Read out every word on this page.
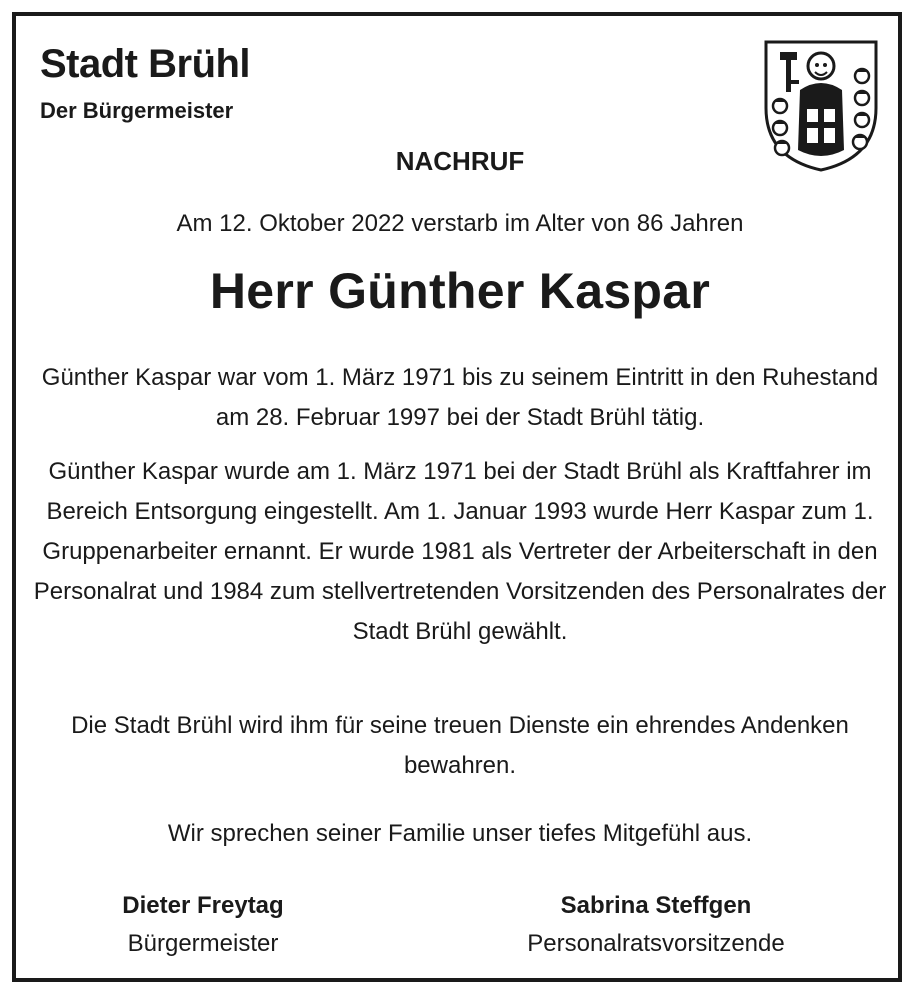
Stadt Brühl
Der Bürgermeister
NACHRUF
Am 12. Oktober 2022 verstarb im Alter von 86 Jahren
Herr Günther Kaspar

Günther Kaspar war vom 1. März 1971 bis zu seinem Eintritt in den Ruhestand am 28. Februar 1997 bei der Stadt Brühl tätig.

Günther Kaspar wurde am 1. März 1971 bei der Stadt Brühl als Kraftfahrer im Bereich Entsorgung eingestellt. Am 1. Januar 1993 wurde Herr Kaspar zum 1. Gruppenarbeiter ernannt. Er wurde 1981 als Vertreter der Arbeiterschaft in den Personalrat und 1984 zum stellvertretenden Vorsitzenden des Personalrates der Stadt Brühl gewählt.

Die Stadt Brühl wird ihm für seine treuen Dienste ein ehrendes Andenken bewahren.

Wir sprechen seiner Familie unser tiefes Mitgefühl aus.

Dieter Freytag
Bürgermeister
Sabrina Steffgen
Personalratsvorsitzende
